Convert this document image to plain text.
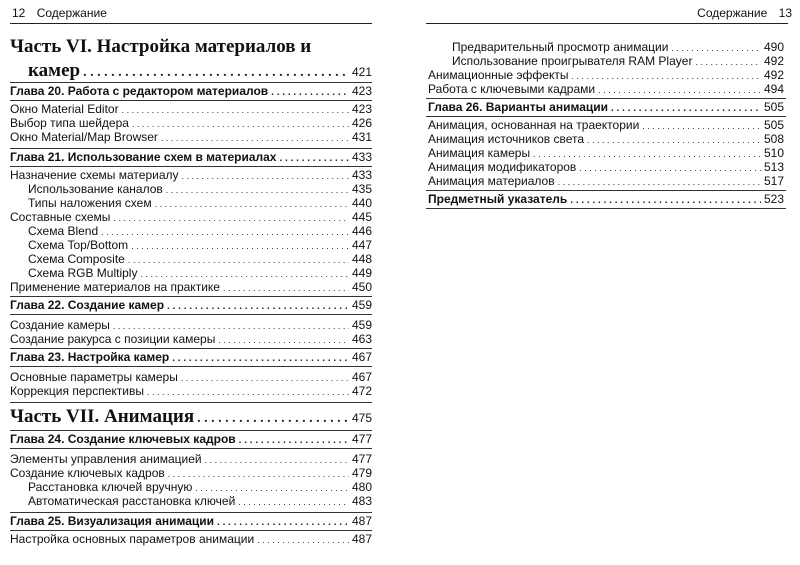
12 Содержание
Часть VI. Настройка материалов и
камер . . .	421
Глава 20. Работа с редактором материалов . . .	423
Окно Material Editor . . .	423
Выбор типа шейдера . . .	426
Окно Material/Map Browser . . .	431
Глава 21. Использование схем в материалах . . .	433
Назначение схемы материалу . . .	433
Использование каналов . . .	435
Типы наложения схем . . .	440
Составные схемы . . .	445
Схема Blend . . .	446
Схема Top/Bottom . . .	447
Схема Composite . . .	448
Схема RGB Multiply . . .	449
Применение материалов на практике . . .	450
Глава 22. Создание камер . . .	459
Создание камеры . . .	459
Создание ракурса с позиции камеры . . .	463
Глава 23. Настройка камер . . .	467
Основные параметры камеры . . .	467
Коррекция перспективы . . .	472
Часть VII. Анимация . . .	475
Глава 24. Создание ключевых кадров . . .	477
Элементы управления анимацией . . .	477
Создание ключевых кадров . . .	479
Расстановка ключей вручную . . .	480
Автоматическая расстановка ключей . . .	483
Глава 25. Визуализация анимации . . .	487
Настройка основных параметров анимации . . .	487
Содержание 13
Предварительный просмотр анимации . . .	490
Использование проигрывателя RAM Player . . .	492
Анимационные эффекты . . .	492
Работа с ключевыми кадрами . . .	494
Глава 26. Варианты анимации . . .	505
Анимация, основанная на траектории . . .	505
Анимация источников света . . .	508
Анимация камеры . . .	510
Анимация модификаторов . . .	513
Анимация материалов . . .	517
Предметный указатель . . .	523
